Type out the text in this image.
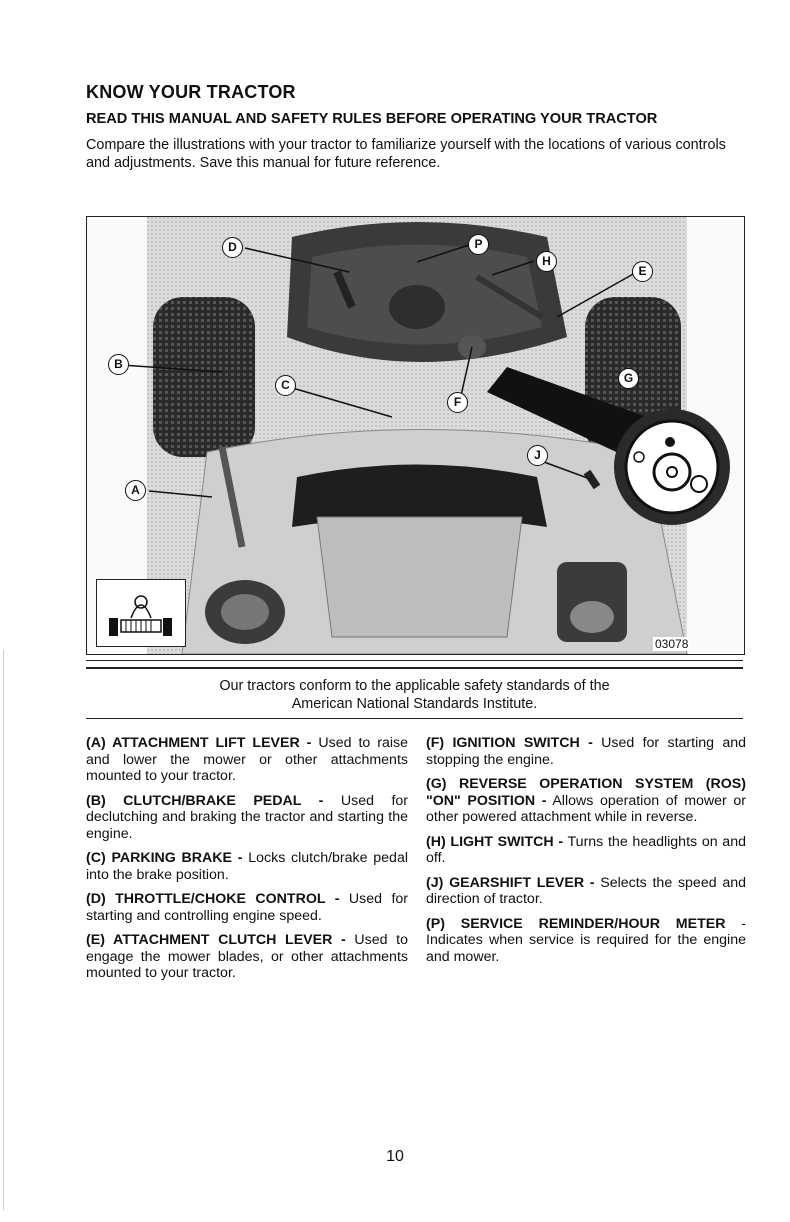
KNOW YOUR TRACTOR
READ THIS MANUAL AND SAFETY RULES BEFORE OPERATING YOUR TRACTOR
Compare the illustrations with your tractor to familiarize yourself with the locations of various controls and adjustments. Save this manual for future reference.
D	P
H
E
B
C	G
F
J
A
03078
Our tractors conform to the applicable safety standards of the
American National Standards Institute.

(A) ATTACHMENT LIFT LEVER - Used to raise and lower the mower or other attachments mounted to your tractor.

(B) CLUTCH/BRAKE PEDAL - Used for declutching and braking the tractor and starting the engine.

(C) PARKING BRAKE - Locks clutch/brake pedal into the brake position.

(D) THROTTLE/CHOKE CONTROL - Used for starting and controlling engine speed.

(E) ATTACHMENT CLUTCH LEVER - Used to engage the mower blades, or other attachments mounted to your tractor.

(F) IGNITION SWITCH - Used for starting and stopping the engine.

(G) REVERSE OPERATION SYSTEM (ROS) "ON" POSITION - Allows operation of mower or other powered attachment while in reverse.

(H) LIGHT SWITCH - Turns the headlights on and off.

(J) GEARSHIFT LEVER - Selects the speed and direction of tractor.

(P) SERVICE REMINDER/HOUR METER - Indicates when service is required for the engine and mower.

10
